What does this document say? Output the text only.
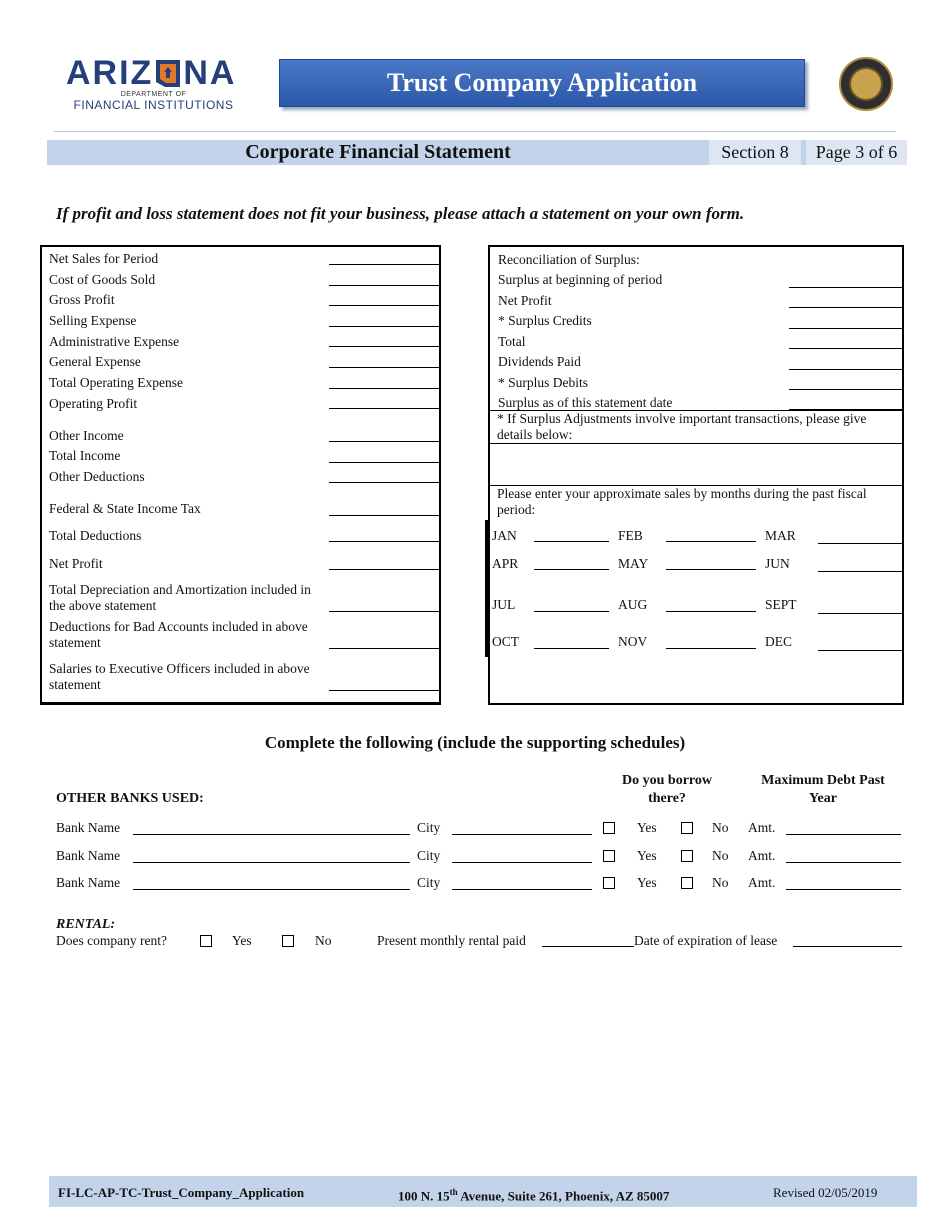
ARIZ NA
DEPARTMENT OF
FINANCIAL INSTITUTIONS
Trust Company Application
Corporate Financial Statement	Section 8	Page 3 of 6
If profit and loss statement does not fit your business, please attach a statement on your own form.
Net Sales for Period
Cost of Goods Sold
Gross Profit
Selling Expense
Administrative Expense
General Expense
Total Operating Expense
Operating Profit
Other Income
Total Income
Other Deductions
Federal & State Income Tax
Total Deductions
Net Profit
Total Depreciation and Amortization included in the above statement
Deductions for Bad Accounts included in above statement
Salaries to Executive Officers included in above statement
Reconciliation of Surplus:
Surplus at beginning of period
Net Profit
* Surplus Credits
Total
Dividends Paid
* Surplus Debits
Surplus as of this statement date
* If Surplus Adjustments involve important transactions, please give details below:
Please enter your approximate sales by months during the past fiscal period:
JAN	FEB	MAR
APR	MAY	JUN
JUL	AUG	SEPT
OCT	NOV	DEC
Complete the following (include the supporting schedules)
Do you borrow there?
Maximum Debt Past Year
OTHER BANKS USED:
Bank Name	City	Yes	No Amt.
Bank Name	City	Yes	No Amt.
Bank Name	City	Yes	No Amt.
RENTAL:
Does company rent?	Yes	No	Present monthly rental paid	Date of expiration of lease
FI-LC-AP-TC-Trust_Company_Application	100 N. 15th Avenue, Suite 261, Phoenix, AZ 85007	Revised 02/05/2019
